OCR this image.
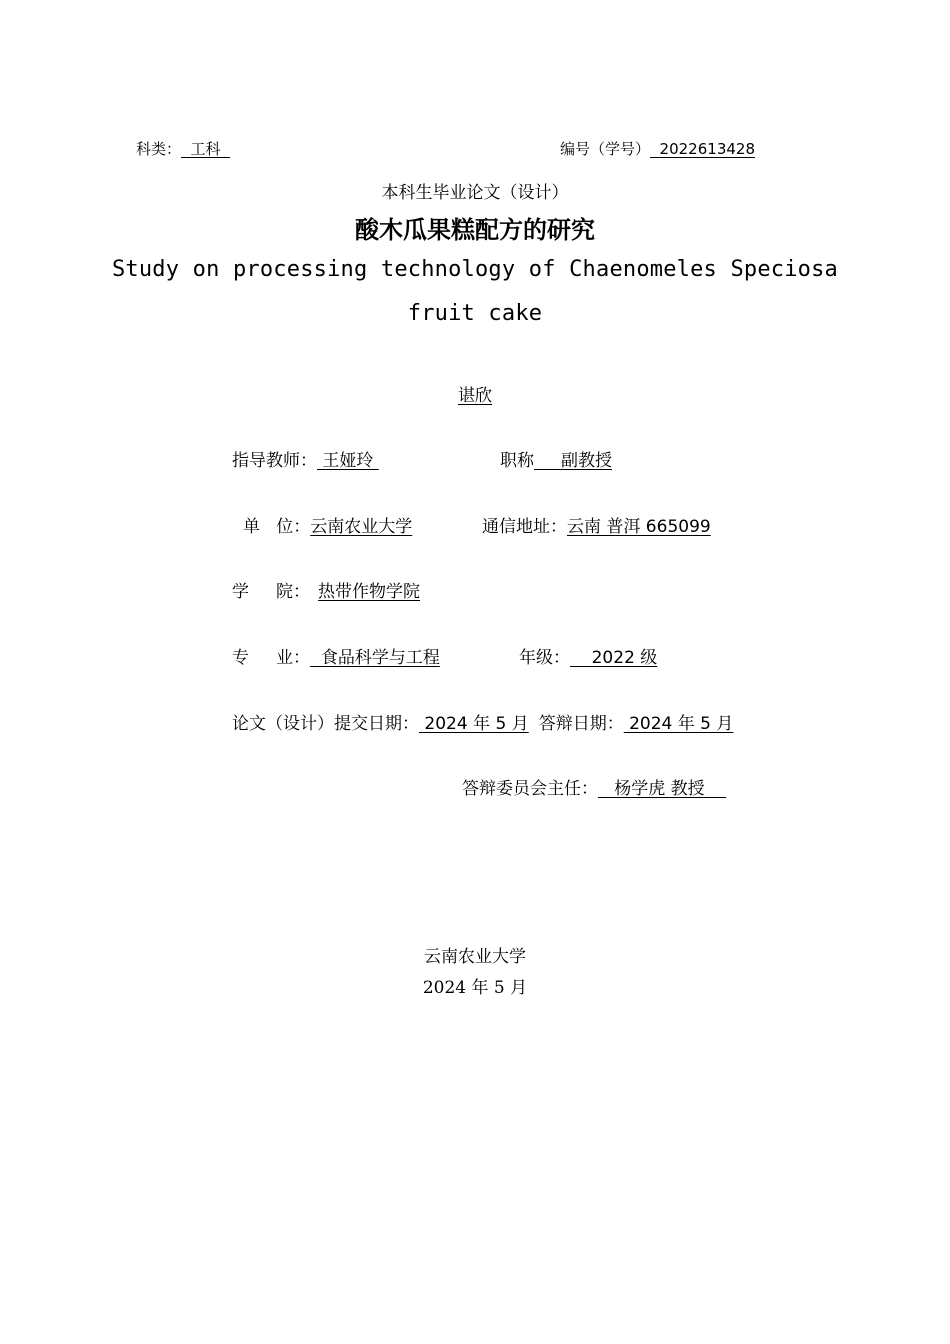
科类：  工科	编号（学号）  2022613428
本科生毕业论文（设计）
酸木瓜果糕配方的研究
Study on processing technology of Chaenomeles Speciosa
fruit cake
谌欣
指导教师： 王娅玲	职称     副教授
单   位：云南农业大学	通信地址：云南 普洱 665099
学     院： 热带作物学院
专     业：  食品科学与工程	年级：    2022 级
论文（设计）提交日期： 2024 年 5 月 答辩日期： 2024 年 5 月
答辩委员会主任：   杨学虎 教授
云南农业大学
2024 年 5 月
